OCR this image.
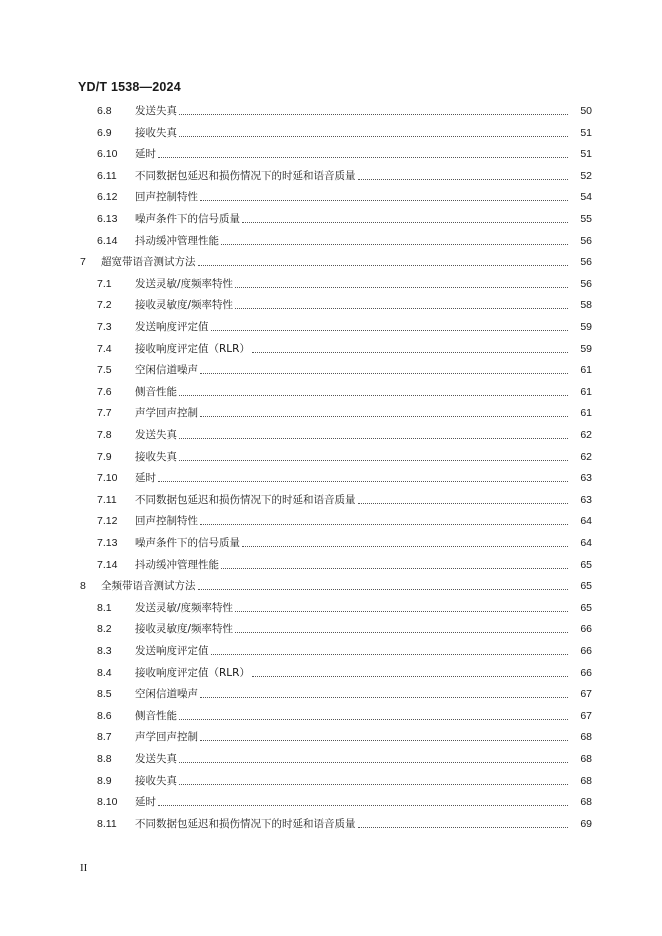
YD/T 1538—2024
6.8	发送失真	50
6.9	接收失真	51
6.10	延时	51
6.11	不同数据包延迟和损伤情况下的时延和语音质量	52
6.12	回声控制特性	54
6.13	噪声条件下的信号质量	55
6.14	抖动缓冲管理性能	56
7	超宽带语音测试方法	56
7.1	发送灵敏/度频率特性	56
7.2	接收灵敏度/频率特性	58
7.3	发送响度评定值	59
7.4	接收响度评定值（RLR）	59
7.5	空闲信道噪声	61
7.6	侧音性能	61
7.7	声学回声控制	61
7.8	发送失真	62
7.9	接收失真	62
7.10	延时	63
7.11	不同数据包延迟和损伤情况下的时延和语音质量	63
7.12	回声控制特性	64
7.13	噪声条件下的信号质量	64
7.14	抖动缓冲管理性能	65
8	全频带语音测试方法	65
8.1	发送灵敏/度频率特性	65
8.2	接收灵敏度/频率特性	66
8.3	发送响度评定值	66
8.4	接收响度评定值（RLR）	66
8.5	空闲信道噪声	67
8.6	侧音性能	67
8.7	声学回声控制	68
8.8	发送失真	68
8.9	接收失真	68
8.10	延时	68
8.11	不同数据包延迟和损伤情况下的时延和语音质量	69
II
